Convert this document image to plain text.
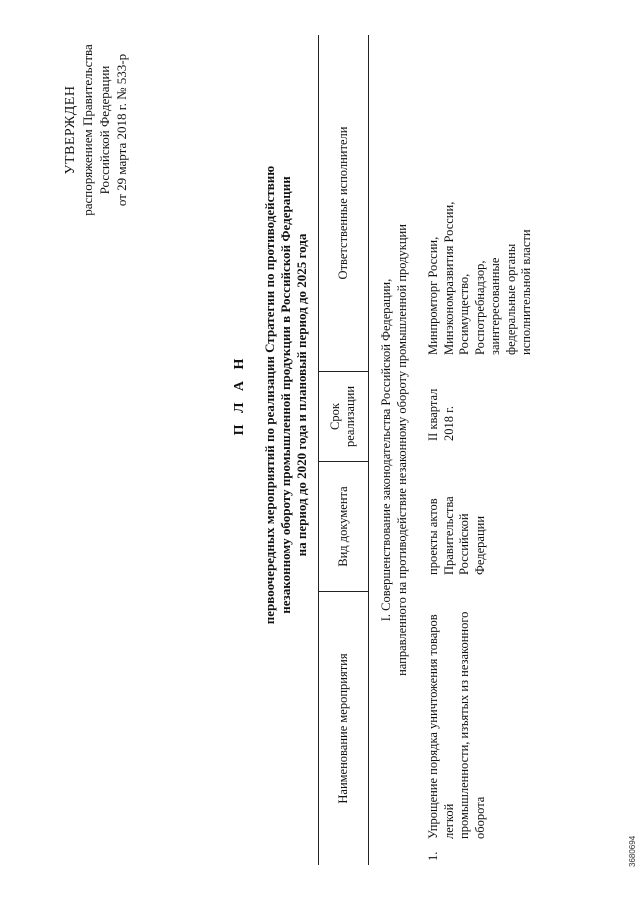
УТВЕРЖДЕН распоряжением Правительства Российской Федерации от 29 марта 2018 г. № 533-р
П Л А Н первоочередных мероприятий по реализации Стратегии по противодействию незаконному обороту промышленной продукции в Российской Федерации на период до 2020 года и плановый период до 2025 года
Наименование мероприятия
Вид документа
Срок реализации
Ответственные исполнители
I. Совершенствование законодательства Российской Федерации, направленного на противодействие незаконному обороту промышленной продукции
1.
Упрощение порядка уничтожения товаров легкой промышленности, изъятых из незаконного оборота
проекты актов Правительства Российской Федерации
II квартал 2018 г.
Минпромторг России, Минэкономразвития России, Росимущество, Роспотребнадзор, заинтересованные федеральные органы исполнительной власти
3680694
